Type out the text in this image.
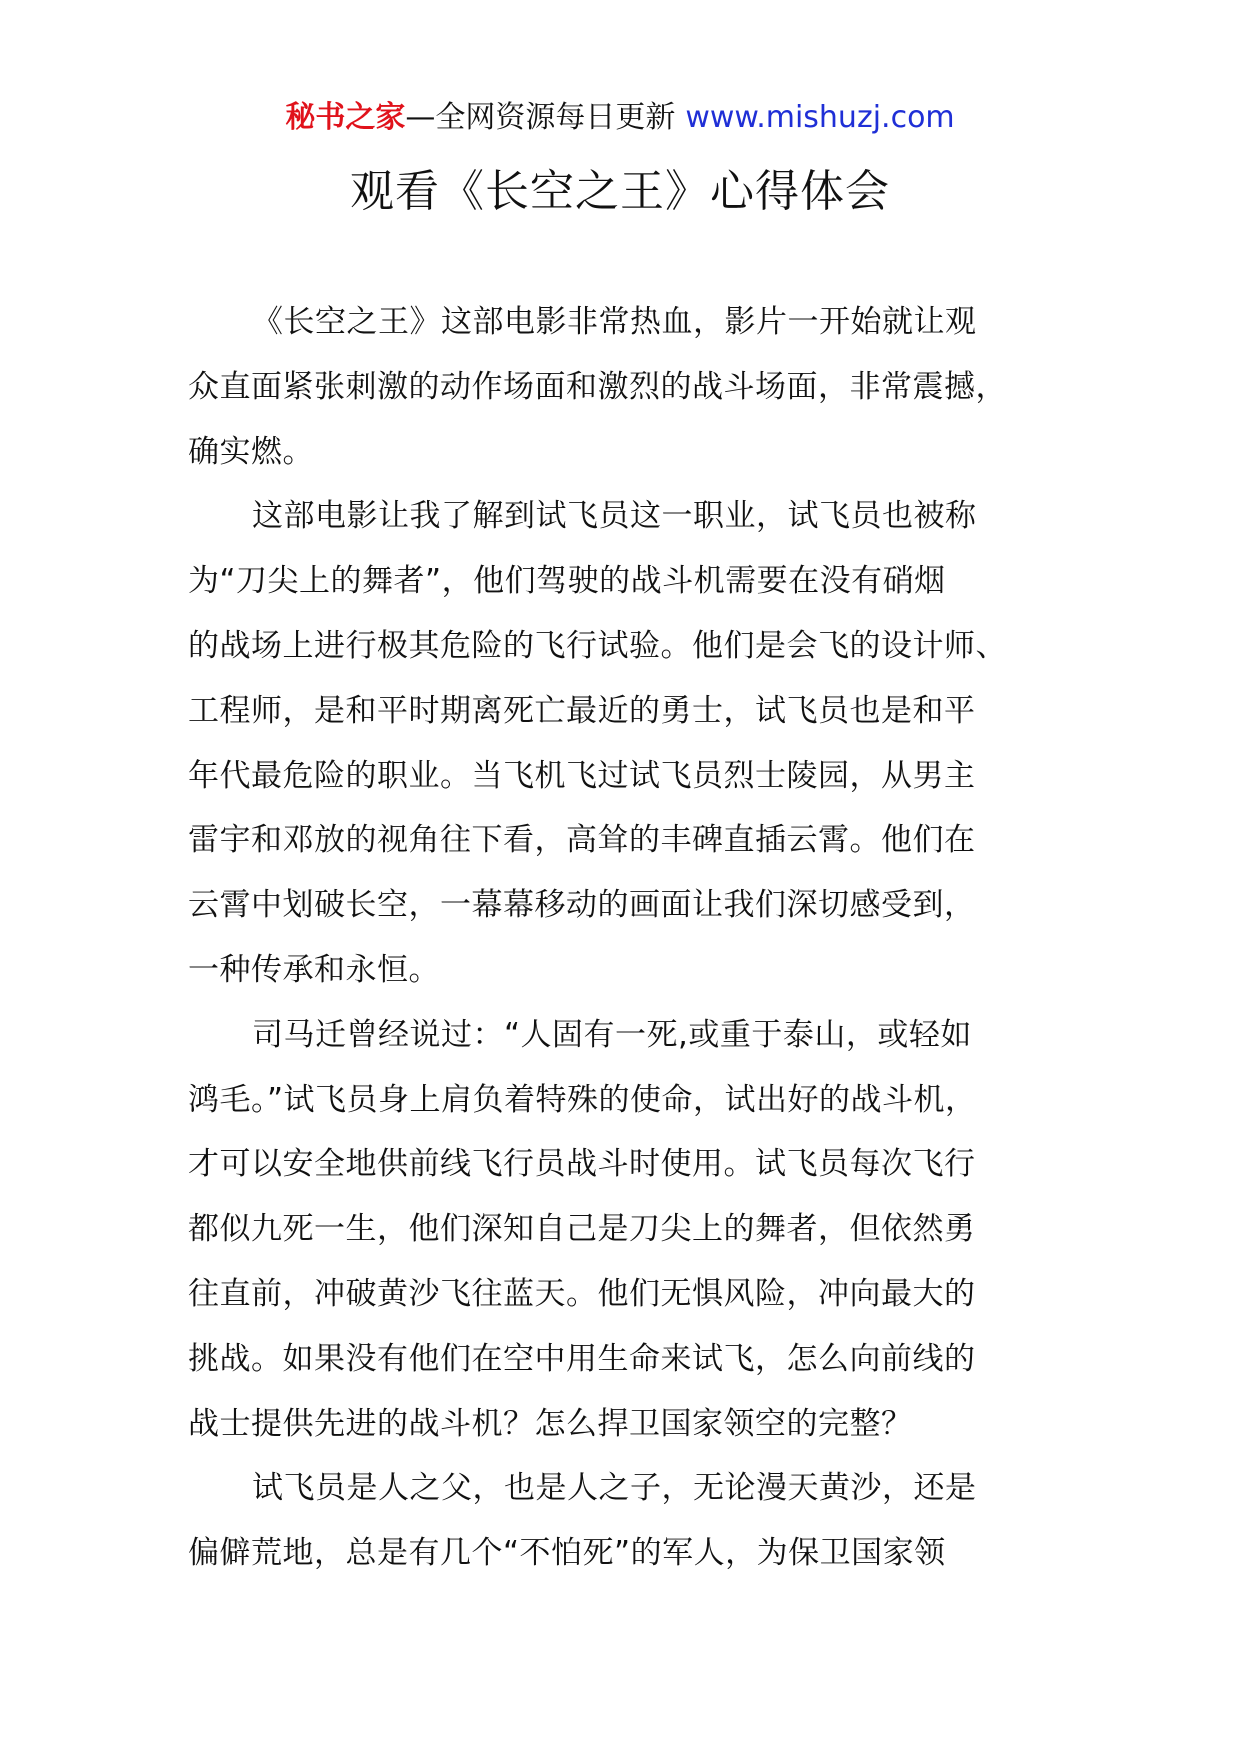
秘书之家—全网资源每日更新 www.mishuzj.com
观看《长空之王》心得体会

《长空之王》这部电影非常热血，影片一开始就让观
众直面紧张刺激的动作场面和激烈的战斗场面，非常震撼，
确实燃。

这部电影让我了解到试飞员这一职业，试飞员也被称
为“刀尖上的舞者”，他们驾驶的战斗机需要在没有硝烟
的战场上进行极其危险的飞行试验。他们是会飞的设计师、
工程师，是和平时期离死亡最近的勇士，试飞员也是和平
年代最危险的职业。当飞机飞过试飞员烈士陵园，从男主
雷宇和邓放的视角往下看，高耸的丰碑直插云霄。他们在
云霄中划破长空，一幕幕移动的画面让我们深切感受到，
一种传承和永恒。

司马迁曾经说过：“人固有一死,或重于泰山，或轻如
鸿毛。”试飞员身上肩负着特殊的使命，试出好的战斗机，
才可以安全地供前线飞行员战斗时使用。试飞员每次飞行
都似九死一生，他们深知自己是刀尖上的舞者，但依然勇
往直前，冲破黄沙飞往蓝天。他们无惧风险，冲向最大的
挑战。如果没有他们在空中用生命来试飞，怎么向前线的
战士提供先进的战斗机？怎么捍卫国家领空的完整？

试飞员是人之父，也是人之子，无论漫天黄沙，还是
偏僻荒地，总是有几个“不怕死”的军人，为保卫国家领
